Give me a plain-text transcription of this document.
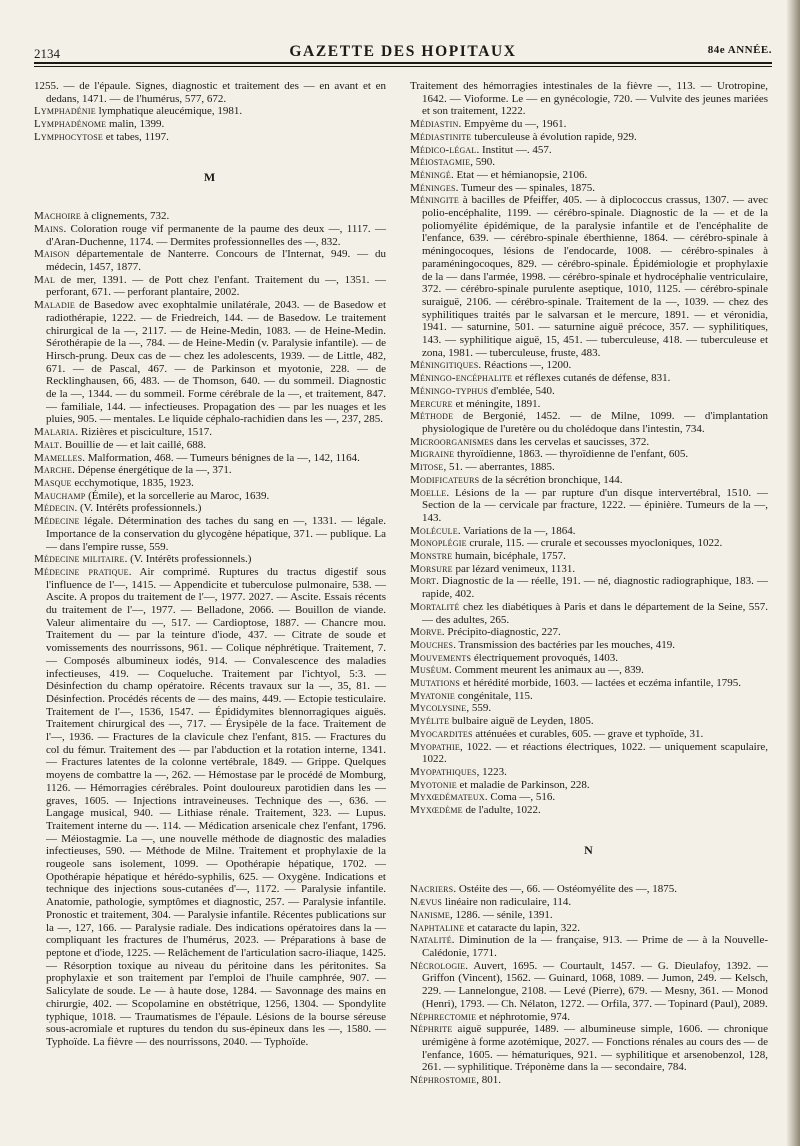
2134	GAZETTE DES HOPITAUX	84e ANNÉE.
1255. — de l'épaule. Signes, diagnostic et traitement des — en avant et en dedans, 1471. — de l'humérus, 577, 672.
Lymphadénie lymphatique aleucémique, 1981.
Lymphadénome malin, 1399.
Lymphocytose et tabes, 1197.
M
Machoire à clignements, 732.
Mains. Coloration rouge vif permanente de la paume des deux —, 1117. — d'Aran-Duchenne, 1174. — Dermites professionnelles des —, 832.
Maison départementale de Nanterre. Concours de l'Internat, 949. — du médecin, 1457, 1877.
Mal de mer, 1391. — de Pott chez l'enfant. Traitement du —, 1351. — perforant, 671. — perforant plantaire, 2002.
Maladie de Basedow avec exophtalmie unilatérale, 2043. — de Basedow et radiothérapie, 1222. — de Friedreich, 144. — de Basedow. Le traitement chirurgical de la —, 2117. — de Heine-Medin, 1083. — de Heine-Medin. Sérothérapie de la —, 784. — de Heine-Medin (v. Paralysie infantile). — de Hirsch-prung. Deux cas de — chez les adolescents, 1939. — de Little, 482, 671. — de Pascal, 467. — de Parkinson et myotonie, 228. — de Recklinghausen, 66, 483. — de Thomson, 640. — du sommeil. Diagnostic de la —, 1344. — du sommeil. Forme cérébrale de la —, et traitement, 847. — familiale, 144. — infectieuses. Propagation des — par les nuages et les pluies, 905. — mentales. Le liquide céphalo-rachidien dans les —, 237, 285.
Malaria. Rizières et pisciculture, 1517.
Malt. Bouillie de — et lait caillé, 688.
Mamelles. Malformation, 468. — Tumeurs bénignes de la —, 142, 1164.
Marche. Dépense énergétique de la —, 371.
Masque ecchymotique, 1835, 1923.
Mauchamp (Émile), et la sorcellerie au Maroc, 1639.
Médecin. (V. Intérêts professionnels.)
Médecine légale. Détermination des taches du sang en —, 1331. — légale. Importance de la conservation du glycogène hépatique, 371. — publique. La — dans l'empire russe, 559.
Médecine militaire. (V. Intérêts professionnels.)
Médecine pratique. Air comprimé. Ruptures du tractus digestif sous l'influence de l'—, 1415. — Appendicite et tuberculose pulmonaire, 538. — Ascite. A propos du traitement de l'—, 1977. 2027. — Ascite. Essais récents du traitement de l'—, 1977. — Belladone, 2066. — Bouillon de viande. Valeur alimentaire du —, 517. — Cardioptose, 1887. — Chancre mou. Traitement du — par la teinture d'iode, 437. — Citrate de soude et vomissements des nourrissons, 961. — Colique néphrétique. Traitement, 7. — Composés albumineux iodés, 914. — Convalescence des maladies infectieuses, 419. — Coqueluche. Traitement par l'ichtyol, 5:3. — Désinfection du champ opératoire. Récents travaux sur la —, 35, 81. — Désinfection. Procédés récents de — des mains, 449. — Ectopie testiculaire. Traitement de l'—, 1536, 1547. — Épididymites blennorragiques aiguës. Traitement chirurgical des —, 717. — Érysipèle de la face. Traitement de l'—, 1936. — Fractures de la clavicule chez l'enfant, 815. — Fractures du col du fémur. Traitement des — par l'abduction et la rotation interne, 1341. — Fractures latentes de la colonne vertébrale, 1849. — Grippe. Quelques moyens de combattre la —, 262. — Hémostase par le procédé de Momburg, 1126. — Hémorragies cérébrales. Point douloureux parotidien dans les — graves, 1605. — Injections intraveineuses. Technique des —, 636. — Langage musical, 940. — Lithiase rénale. Traitement, 323. — Lupus. Traitement interne du —. 114. — Médication arsenicale chez l'enfant, 1796. — Méiostagmie. La —, une nouvelle méthode de diagnostic des maladies infectieuses, 590. — Méthode de Milne. Traitement et prophylaxie de la rougeole sans isolement, 1099. — Opothérapie hépatique, 1702. — Opothérapie hépatique et hérédo-syphilis, 625. — Oxygène. Indications et technique des injections sous-cutanées d'—, 1172. — Paralysie infantile. Anatomie, pathologie, symptômes et diagnostic, 257. — Paralysie infantile. Pronostic et traitement, 304. — Paralysie infantile. Récentes publications sur la —, 127, 166. — Paralysie radiale. Des indications opératoires dans la — compliquant les fractures de l'humérus, 2023. — Préparations à base de peptone et d'iode, 1225. — Relâchement de l'articulation sacro-iliaque, 1425. — Résorption toxique au niveau du péritoine dans les péritonites. Sa prophylaxie et son traitement par l'emploi de l'huile camphrée, 907. — Salicylate de soude. Le — à haute dose, 1284. — Savonnage des mains en chirurgie, 402. — Scopolamine en obstétrique, 1256, 1304. — Spondylite typhique, 1018. — Traumatismes de l'épaule. Lésions de la bourse séreuse sous-acromiale et ruptures du tendon du sus-épineux dans les —, 1580. — Typhoïde. La fièvre — des nourrissons, 2040. — Typhoïde.
Traitement des hémorragies intestinales de la fièvre —, 113. — Urotropine, 1642. — Vioforme. Le — en gynécologie, 720. — Vulvite des jeunes mariées et son traitement, 1222.
Médiastin. Empyème du —, 1961.
Médiastinite tuberculeuse à évolution rapide, 929.
Médico-légal. Institut —. 457.
Méiostagmie, 590.
Méningé. Etat — et hémianopsie, 2106.
Méninges. Tumeur des — spinales, 1875.
Méningite à bacilles de Pfeiffer, 405. — à diplococcus crassus, 1307. — avec polio-encéphalite, 1199. — cérébro-spinale. Diagnostic de la — et de la poliomyélite épidémique, de la paralysie infantile et de l'encéphalite de l'enfance, 639. — cérébro-spinale éberthienne, 1864. — cérébro-spinale à méningocoques, lésions de l'endocarde, 1008. — cérébro-spinales à paraméningocoques, 829. — cérébro-spinale. Épidémiologie et prophylaxie de la — dans l'armée, 1998. — cérébro-spinale et hydrocéphalie ventriculaire, 372. — cérébro-spinale purulente aseptique, 1010, 1125. — cérébro-spinale suraiguë, 2106. — cérébro-spinale. Traitement de la —, 1039. — chez des syphilitiques traités par le salvarsan et le mercure, 1891. — et véronidia, 1941. — saturnine, 501. — saturnine aiguë précoce, 357. — syphilitiques, 143. — syphilitique aiguë, 15, 451. — tuberculeuse, 418. — tuberculeuse et zona, 1981. — tuberculeuse, fruste, 483.
Méningitiques. Réactions —, 1200.
Méningo-encéphalite et réflexes cutanés de défense, 831.
Méningo-typhus d'emblée, 540.
Mercure et méningite, 1891.
Méthode de Bergonié, 1452. — de Milne, 1099. — d'implantation physiologique de l'uretère ou du cholédoque dans l'intestin, 734.
Microorganismes dans les cervelas et saucisses, 372.
Migraine thyroïdienne, 1863. — thyroïdienne de l'enfant, 605.
Mitose, 51. — aberrantes, 1885.
Modificateurs de la sécrétion bronchique, 144.
Moelle. Lésions de la — par rupture d'un disque intervertébral, 1510. — Section de la — cervicale par fracture, 1222. — épinière. Tumeurs de la —, 143.
Molécule. Variations de la —, 1864.
Monoplégie crurale, 115. — crurale et secousses myocloniques, 1022.
Monstre humain, bicéphale, 1757.
Morsure par lézard venimeux, 1131.
Mort. Diagnostic de la — réelle, 191. — né, diagnostic radiographique, 183. — rapide, 402.
Mortalité chez les diabétiques à Paris et dans le département de la Seine, 557. — des adultes, 265.
Morve. Précipito-diagnostic, 227.
Mouches. Transmission des bactéries par les mouches, 419.
Mouvements électriquement provoqués, 1403.
Muséum. Comment meurent les animaux au —, 839.
Mutations et hérédité morbide, 1603. — lactées et eczéma infantile, 1795.
Myatonie congénitale, 115.
Mycolysine, 559.
Myélite bulbaire aiguë de Leyden, 1805.
Myocardites atténuées et curables, 605. — grave et typhoïde, 31.
Myopathie, 1022. — et réactions électriques, 1022. — uniquement scapulaire, 1022.
Myopathiques, 1223.
Myotonie et maladie de Parkinson, 228.
Myxœdémateux. Coma —, 516.
Myxœdème de l'adulte, 1022.
N
Nacriers. Ostéite des —, 66. — Ostéomyélite des —, 1875.
Nævus linéaire non radiculaire, 114.
Nanisme, 1286. — sénile, 1391.
Naphtaline et cataracte du lapin, 322.
Natalité. Diminution de la — française, 913. — Prime de — à la Nouvelle-Calédonie, 1771.
Nécrologie. Auvert, 1695. — Courtault, 1457. — G. Dieulafoy, 1392. — Griffon (Vincent), 1562. — Guinard, 1068, 1089. — Jumon, 249. — Kelsch, 229. — Lannelongue, 2108. — Levé (Pierre), 679. — Mesny, 361. — Monod (Henri), 1793. — Ch. Nélaton, 1272. — Orfila, 377. — Topinard (Paul), 2089.
Néphrectomie et néphrotomie, 974.
Néphrite aiguë suppurée, 1489. — albumineuse simple, 1606. — chronique urémigène à forme azotémique, 2027. — Fonctions rénales au cours des — de l'enfance, 1605. — hématuriques, 921. — syphilitique et arsenobenzol, 128, 261. — syphilitique. Tréponème dans la — secondaire, 784.
Néphrostomie, 801.
